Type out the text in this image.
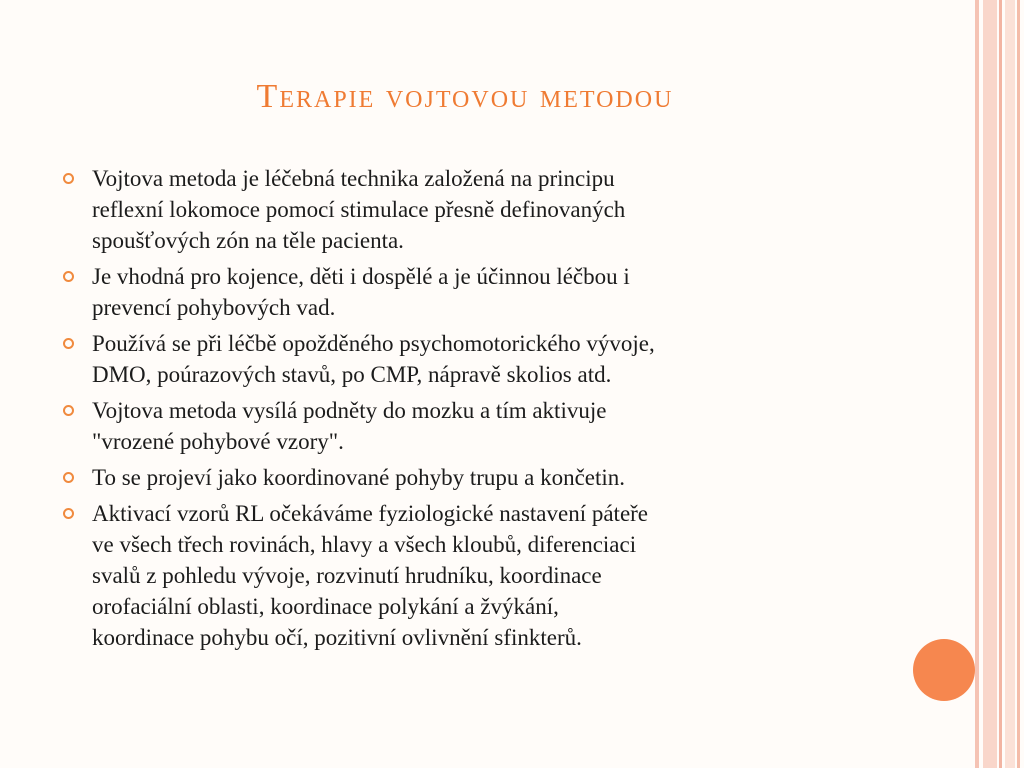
Terapie vojtovou metodou
Vojtova metoda je léčebná technika založená na principu
reflexní lokomoce pomocí stimulace přesně definovaných
spoušťových zón na těle pacienta.
Je vhodná pro kojence, děti i dospělé a je účinnou léčbou i
prevencí pohybových vad.
Používá se při léčbě opožděného psychomotorického vývoje,
DMO, poúrazových stavů, po CMP, nápravě skolios atd.
Vojtova metoda vysílá podněty do mozku a tím aktivuje
"vrozené pohybové vzory".
To se projeví jako koordinované pohyby trupu a končetin.
Aktivací vzorů RL očekáváme fyziologické nastavení páteře
ve všech třech rovinách, hlavy a všech kloubů, diferenciaci
svalů z pohledu vývoje, rozvinutí hrudníku, koordinace
orofaciální oblasti, koordinace polykání a žvýkání,
koordinace pohybu očí, pozitivní ovlivnění sfinkterů.
